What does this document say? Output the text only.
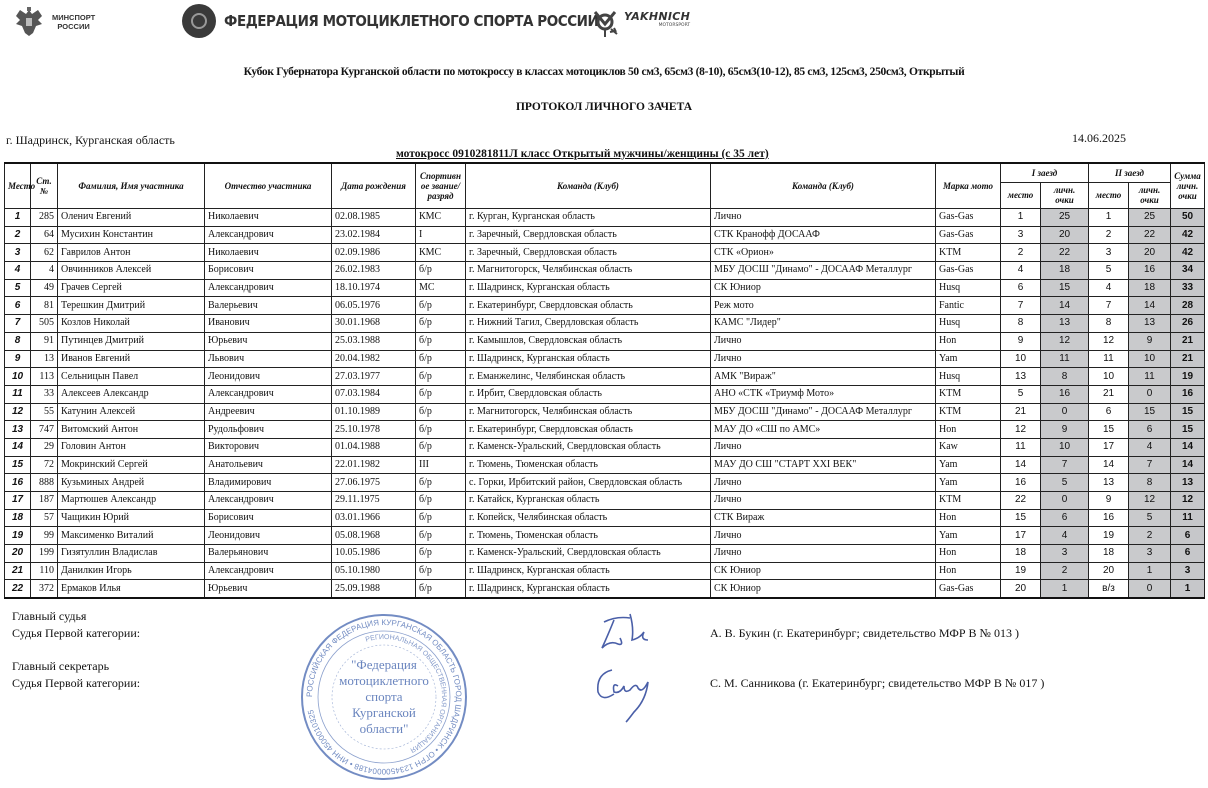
МИНСПОРТ
РОССИИ	ФЕДЕРАЦИЯ МОТОЦИКЛЕТНОГО СПОРТА РОССИИ YAKHNICH
MOTORSPORT
Кубок Губернатора Курганской области по мотокроссу в классах мотоциклов 50 см3, 65см3 (8-10), 65см3(10-12), 85 см3, 125см3, 250см3, Открытый
ПРОТОКОЛ ЛИЧНОГО ЗАЧЕТА
г. Шадринск, Курганская область	14.06.2025
мотокросс 0910281811Л класс Открытый мужчины/женщины (с 35 лет)
Место	Ст. №	Фамилия, Имя участника	Отчество участника	Дата рождения	Спортивное звание/разряд	Команда (Клуб)	Команда (Клуб)	Марка мото	I заезд		II заезд		Сумма личн. очки
									место	личн. очки	место	личн. очки	
1	285	Оленич Евгений	Николаевич	02.08.1985	КМС	г. Курган, Курганская область	Лично	Gas-Gas	1	25	1	25	50
2	64	Мусихин Константин	Александрович	23.02.1984	I	г. Заречный, Свердловская область	СТК Кранофф ДОСААФ	Gas-Gas	3	20	2	22	42
3	62	Гаврилов Антон	Николаевич	02.09.1986	КМС	г. Заречный, Свердловская область	СТК «Орион»	KTM	2	22	3	20	42
4	4	Овчинников Алексей	Борисович	26.02.1983	б/р	г. Магнитогорск, Челябинская область	МБУ ДОСШ "Динамо" - ДОСААФ Металлург	Gas-Gas	4	18	5	16	34
5	49	Грачев Сергей	Александрович	18.10.1974	МС	г. Шадринск, Курганская область	СК Юниор	Husq	6	15	4	18	33
6	81	Терешкин Дмитрий	Валерьевич	06.05.1976	б/р	г. Екатеринбург, Свердловская область	Реж мото	Fantic	7	14	7	14	28
7	505	Козлов Николай	Иванович	30.01.1968	б/р	г. Нижний Тагил, Свердловская область	КАМС "Лидер"	Husq	8	13	8	13	26
8	91	Путинцев Дмитрий	Юрьевич	25.03.1988	б/р	г. Камышлов, Свердловская область	Лично	Hon	9	12	12	9	21
9	13	Иванов Евгений	Львович	20.04.1982	б/р	г. Шадринск, Курганская область	Лично	Yam	10	11	11	10	21
10	113	Сельницын Павел	Леонидович	27.03.1977	б/р	г. Еманжелинс, Челябинская область	АМК "Вираж"	Husq	13	8	10	11	19
11	33	Алексеев Александр	Александрович	07.03.1984	б/р	г. Ирбит, Свердловская область	АНО «СТК «Триумф Мото»	KTM	5	16	21	0	16
12	55	Катунин Алексей	Андреевич	01.10.1989	б/р	г. Магнитогорск, Челябинская область	МБУ ДОСШ "Динамо" - ДОСААФ Металлург	KTM	21	0	6	15	15
13	747	Витомский Антон	Рудольфович	25.10.1978	б/р	г. Екатеринбург, Свердловская область	МАУ ДО «СШ по АМС»	Hon	12	9	15	6	15
14	29	Головин Антон	Викторович	01.04.1988	б/р	г. Каменск-Уральский, Свердловская область	Лично	Kaw	11	10	17	4	14
15	72	Мокринский Сергей	Анатольевич	22.01.1982	III	г. Тюмень, Тюменская область	МАУ ДО СШ "СТАРТ XXI ВЕК"	Yam	14	7	14	7	14
16	888	Кузьминых Андрей	Владимирович	27.06.1975	б/р	с. Горки, Ирбитский район, Свердловская область	Лично	Yam	16	5	13	8	13
17	187	Мартюшев Александр	Александрович	29.11.1975	б/р	г. Катайск, Курганская область	Лично	KTM	22	0	9	12	12
18	57	Чащикин Юрий	Борисович	03.01.1966	б/р	г. Копейск, Челябинская область	СТК Вираж	Hon	15	6	16	5	11
19	99	Максименко Виталий	Леонидович	05.08.1968	б/р	г. Тюмень, Тюменская область	Лично	Yam	17	4	19	2	6
20	199	Гизятуллин Владислав	Валерьянович	10.05.1986	б/р	г. Каменск-Уральский, Свердловская область	Лично	Hon	18	3	18	3	6
21	110	Данилкин Игорь	Александрович	05.10.1980	б/р	г. Шадринск, Курганская область	СК Юниор	Hon	19	2	20	1	3
22	372	Ермаков Илья	Юрьевич	25.09.1988	б/р	г. Шадринск, Курганская область	СК Юниор	Gas-Gas	20	1	в/з	0	1
Главный судья
Судья Первой категории:
Главный секретарь
Судья Первой категории:
А. В. Букин (г. Екатеринбург; свидетельство МФР В № 013 )
С. М. Санникова (г. Екатеринбург; свидетельство МФР В № 017 )
РОССИЙСКАЯ ФЕДЕРАЦИЯ КУРГАНСКАЯ ОБЛАСТЬ ГОРОД ШАДРИНСК • ОГРН 1234500004188 • ИНН 4500010325
РЕГИОНАЛЬНАЯ ОБЩЕСТВЕННАЯ ОРГАНИЗАЦИЯ
"Федерация
мотоциклетного
спорта
Курганской
области"
